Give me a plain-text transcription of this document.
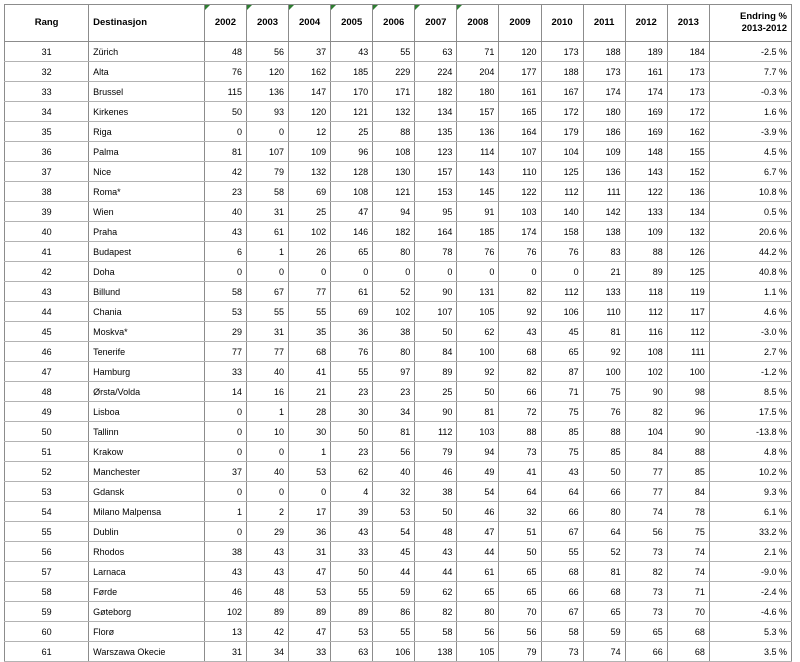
Rang	Destinasjon	2002	2003	2004	2005	2006	2007	2008	2009	2010	2011	2012	2013	Endring %
2013-2012
31	Zürich	48	56	37	43	55	63	71	120	173	188	189	184	-2.5 %
32	Alta	76	120	162	185	229	224	204	177	188	173	161	173	7.7 %
33	Brussel	115	136	147	170	171	182	180	161	167	174	174	173	-0.3 %
34	Kirkenes	50	93	120	121	132	134	157	165	172	180	169	172	1.6 %
35	Riga	0	0	12	25	88	135	136	164	179	186	169	162	-3.9 %
36	Palma	81	107	109	96	108	123	114	107	104	109	148	155	4.5 %
37	Nice	42	79	132	128	130	157	143	110	125	136	143	152	6.7 %
38	Roma*	23	58	69	108	121	153	145	122	112	111	122	136	10.8 %
39	Wien	40	31	25	47	94	95	91	103	140	142	133	134	0.5 %
40	Praha	43	61	102	146	182	164	185	174	158	138	109	132	20.6 %
41	Budapest	6	1	26	65	80	78	76	76	76	83	88	126	44.2 %
42	Doha	0	0	0	0	0	0	0	0	0	21	89	125	40.8 %
43	Billund	58	67	77	61	52	90	131	82	112	133	118	119	1.1 %
44	Chania	53	55	55	69	102	107	105	92	106	110	112	117	4.6 %
45	Moskva*	29	31	35	36	38	50	62	43	45	81	116	112	-3.0 %
46	Tenerife	77	77	68	76	80	84	100	68	65	92	108	111	2.7 %
47	Hamburg	33	40	41	55	97	89	92	82	87	100	102	100	-1.2 %
48	Ørsta/Volda	14	16	21	23	23	25	50	66	71	75	90	98	8.5 %
49	Lisboa	0	1	28	30	34	90	81	72	75	76	82	96	17.5 %
50	Tallinn	0	10	30	50	81	112	103	88	85	88	104	90	-13.8 %
51	Krakow	0	0	1	23	56	79	94	73	75	85	84	88	4.8 %
52	Manchester	37	40	53	62	40	46	49	41	43	50	77	85	10.2 %
53	Gdansk	0	0	0	4	32	38	54	64	64	66	77	84	9.3 %
54	Milano Malpensa	1	2	17	39	53	50	46	32	66	80	74	78	6.1 %
55	Dublin	0	29	36	43	54	48	47	51	67	64	56	75	33.2 %
56	Rhodos	38	43	31	33	45	43	44	50	55	52	73	74	2.1 %
57	Larnaca	43	43	47	50	44	44	61	65	68	81	82	74	-9.0 %
58	Førde	46	48	53	55	59	62	65	65	66	68	73	71	-2.4 %
59	Gøteborg	102	89	89	89	86	82	80	70	67	65	73	70	-4.6 %
60	Florø	13	42	47	53	55	58	56	56	58	59	65	68	5.3 %
61	Warszawa Okecie	31	34	33	63	106	138	105	79	73	74	66	68	3.5 %
